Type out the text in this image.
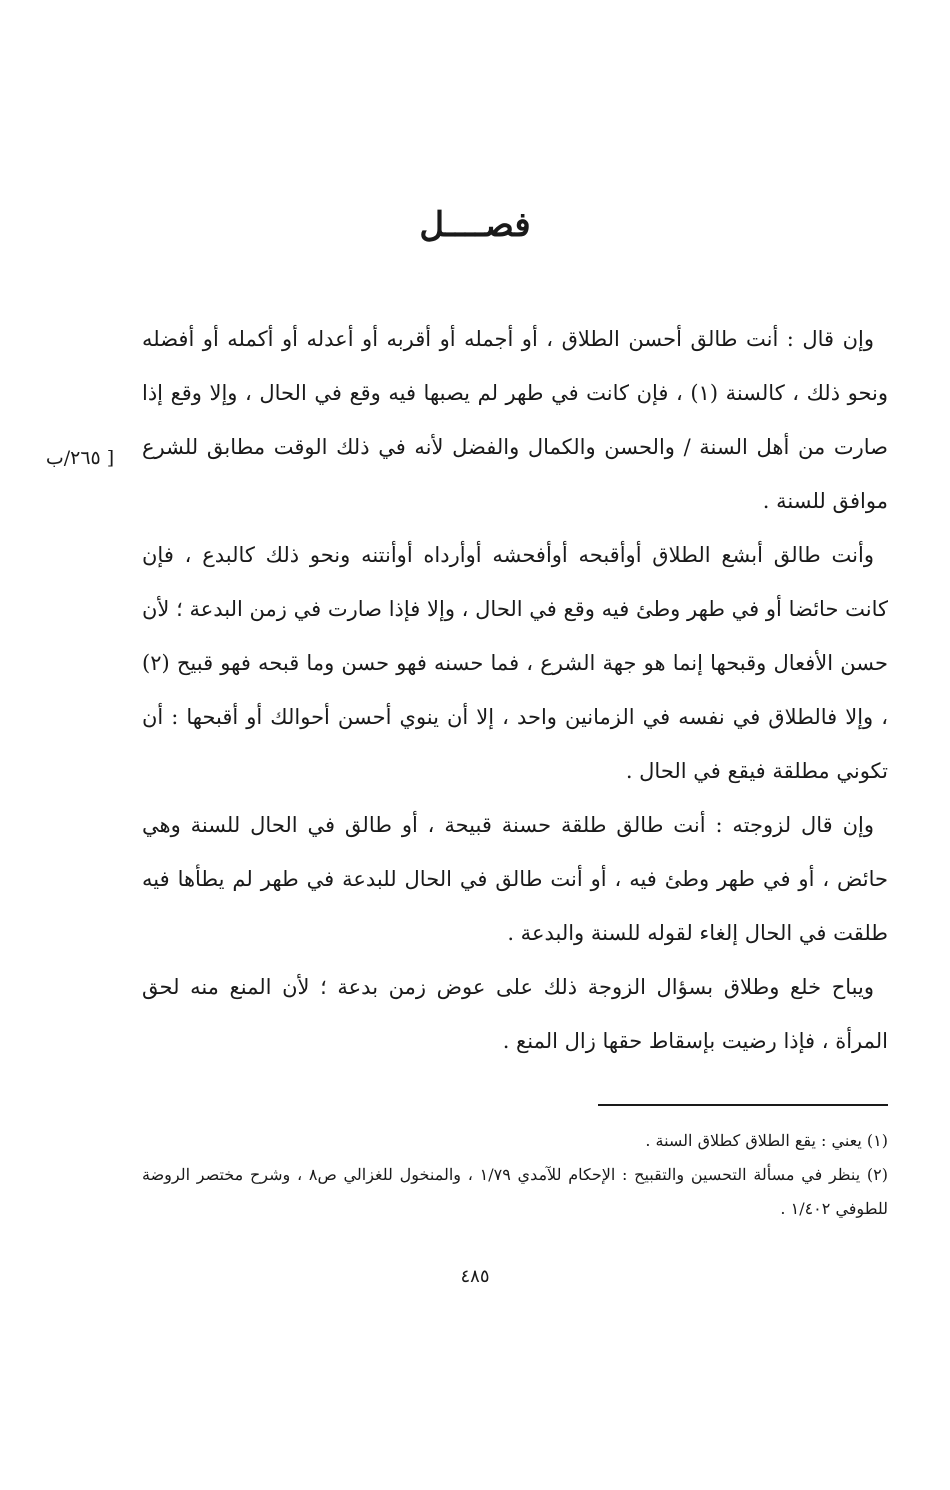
فصــــل
[ ٢٦٥/ب

وإن قال : أنت طالق أحسن الطلاق ، أو أجمله أو أقربه أو أعدله أو أكمله أو أفضله ونحو ذلك ، كالسنة (١) ، فإن كانت في طهر لم يصبها فيه وقع في الحال ، وإلا وقع إذا صارت من أهل السنة / والحسن والكمال والفضل لأنه في ذلك الوقت مطابق للشرع موافق للسنة .

وأنت طالق أبشع الطلاق أوأقبحه أوأفحشه أوأرداه أوأنتنه ونحو ذلك كالبدع ، فإن كانت حائضا أو في طهر وطئ فيه وقع في الحال ، وإلا فإذا صارت في زمن البدعة ؛ لأن حسن الأفعال وقبحها إنما هو جهة الشرع ، فما حسنه فهو حسن وما قبحه فهو قبيح (٢) ، وإلا فالطلاق في نفسه في الزمانين واحد ، إلا أن ينوي أحسن أحوالك أو أقبحها : أن تكوني مطلقة فيقع في الحال .

وإن قال لزوجته : أنت طالق طلقة حسنة قبيحة ، أو طالق في الحال للسنة وهي حائض ، أو في طهر وطئ فيه ، أو أنت طالق في الحال للبدعة في طهر لم يطأها فيه طلقت في الحال إلغاء لقوله للسنة والبدعة .

ويباح خلع وطلاق بسؤال الزوجة ذلك على عوض زمن بدعة ؛ لأن المنع منه لحق المرأة ، فإذا رضيت بإسقاط حقها زال المنع .

(١) يعني : يقع الطلاق كطلاق السنة .

(٢) ينظر في مسألة التحسين والتقبيح : الإحكام للآمدي ١/٧٩ ، والمنخول للغزالي ص٨ ، وشرح مختصر الروضة للطوفي ١/٤٠٢ .

٤٨٥
